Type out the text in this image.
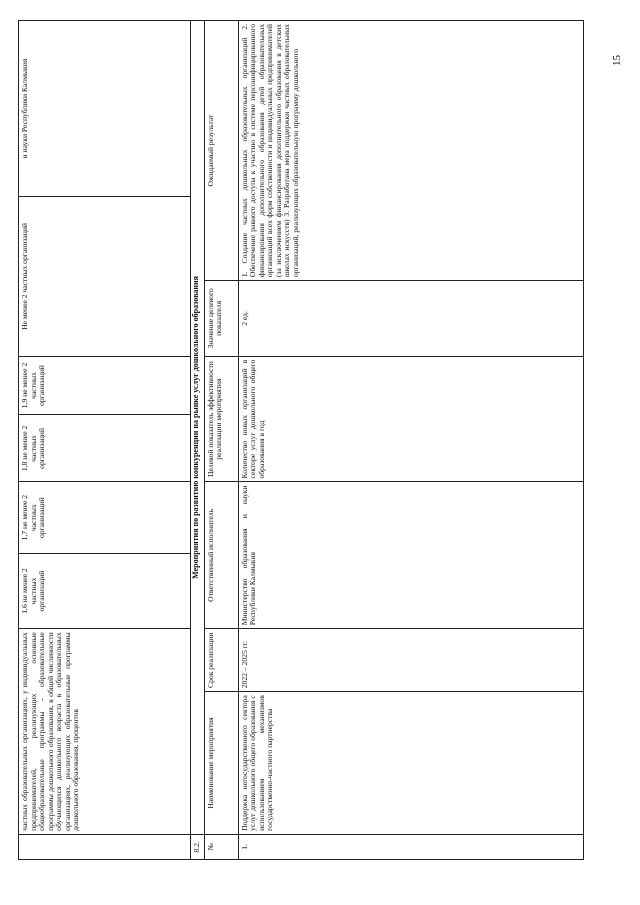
15
	частных образовательных организациях, у индивидуальных предпринимателей, реализующих основные общеобразовательные программы - образовательные программы дошкольного образования, в общей численности обучающихся дошкольного возраста в образовательных организациях, реализующих образовательные программы дошкольного образования, процентов		1,6 не менее 2 частных организаций	1,7 не менее 2 частных организаций	1,8 не менее 2 частных организаций	1,9 не менее 2 частных организаций	Не менее 2 частных организаций		и науки Республики Калмыкия
8.2.	Мероприятия по развитию конкуренции на рынке услуг дошкольного образования								
№	Наименование мероприятия	Срок реализации	Ответственный исполнитель		Целевой показатель эффективности реализации мероприятия		Значение целевого показателя	Ожидаемый результат	
1.	Поддержка негосударственного сектора услуг дошкольного общего образования с использованием механизмов государственно-частного партнерства	2022 – 2025 гг.	Министерство образования и науки Республики Калмыкия		Количество новых организаций в секторе услуг дошкольного общего образования в год		2 ед.	1. Создание частных дошкольных образовательных организаций 2. Обеспечение равного доступа к участию в системе персонифицированного финансирования дополнительного образования детей образовательных организаций всех форм собственности и индивидуальных предпринимателей (за исключением финансирования дополнительного образования в детских школах искусств) 3. Разработана мера поддержки частных образовательных организаций, реализующих образовательную программу дошкольного	
